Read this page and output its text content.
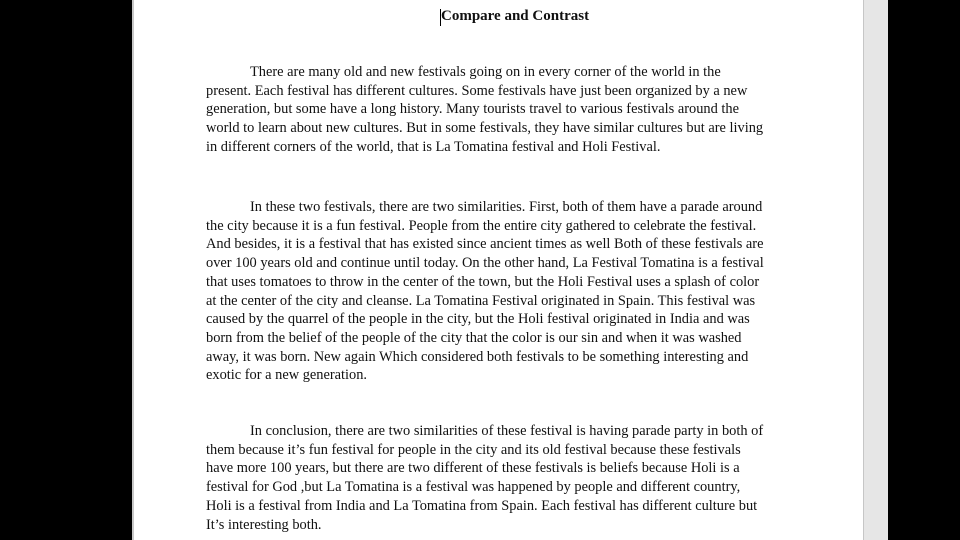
Compare and Contrast
There are many old and new festivals going on in every corner of the world in the
present. Each festival has different cultures. Some festivals have just been organized by a new
generation, but some have a long history. Many tourists travel to various festivals around the
world to learn about new cultures. But in some festivals, they have similar cultures but are living
in different corners of the world, that is La Tomatina festival and Holi Festival.
In these two festivals, there are two similarities. First, both of them have a parade around
the city because it is a fun festival. People from the entire city gathered to celebrate the festival.
And besides, it is a festival that has existed since ancient times as well Both of these festivals are
over 100 years old and continue until today. On the other hand, La Festival Tomatina is a festival
that uses tomatoes to throw in the center of the town, but the Holi Festival uses a splash of color
at the center of the city and cleanse. La Tomatina Festival originated in Spain. This festival was
caused by the quarrel of the people in the city, but the Holi festival originated in India and was
born from the belief of the people of the city that the color is our sin and when it was washed
away, it was born. New again Which considered both festivals to be something interesting and
exotic for a new generation.
In conclusion, there are two similarities of these festival is having parade party in both of
them because it’s fun festival for people in the city and its old festival because these festivals
have more 100 years, but there are two different of these festivals is beliefs because Holi is a
festival for God ,but La Tomatina is a festival was happened by people and different country,
Holi is a festival from India and La Tomatina from Spain. Each festival has different culture but
It’s interesting both.
